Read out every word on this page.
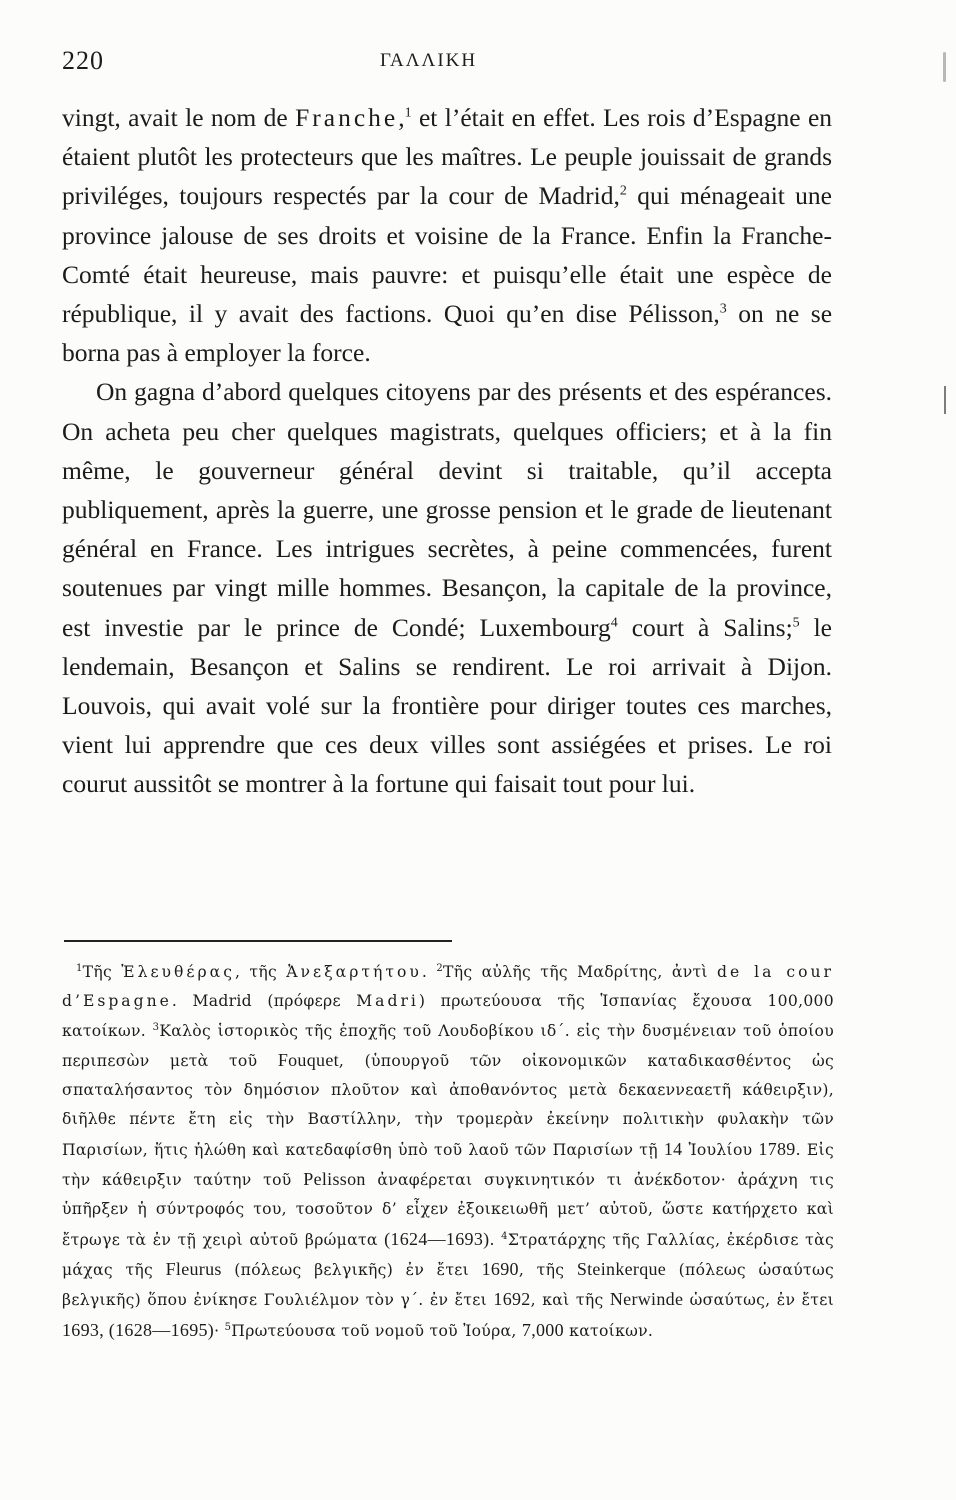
220	ΓΑΛΛΙΚΗ

vingt, avait le nom de Franche,$^1$ et l’était en effet. Les rois d’Espagne en étaient plutôt les protecteurs que les maîtres. Le peuple jouissait de grands priviléges, toujours respectés par la cour de Madrid,$^2$ qui ménageait une province jalouse de ses droits et voisine de la France. Enfin la Franche-Comté était heureuse, mais pauvre: et puisqu’elle était une espèce de république, il y avait des factions. Quoi qu’en dise Pélisson,$^3$ on ne se borna pas à employer la force.

On gagna d’abord quelques citoyens par des présents et des espérances. On acheta peu cher quelques magistrats, quelques officiers; et à la fin même, le gouverneur général devint si traitable, qu’il accepta publiquement, après la guerre, une grosse pension et le grade de lieutenant général en France. Les intrigues secrètes, à peine commencées, furent soutenues par vingt mille hommes. Besançon, la capitale de la province, est investie par le prince de Condé; Luxembourg$^4$ court à Salins;$^5$ le lendemain, Besançon et Salins se rendirent. Le roi arrivait à Dijon. Louvois, qui avait volé sur la frontière pour diriger toutes ces marches, vient lui apprendre que ces deux villes sont assiégées et prises. Le roi courut aussitôt se montrer à la fortune qui faisait tout pour lui.

$^1$Τῆς Ἐλευθέρας, τῆς Ἀνεξαρτήτου. $^2$Τῆς αὐλῆς τῆς Μαδρίτης, ἀντὶ de la cour d’Espagne. Madrid (πρόφερε Madri) πρωτεύουσα τῆς Ἱσπανίας ἔχουσα 100,000 κατοίκων. $^3$Καλὸς ἱστορικὸς τῆς ἐποχῆς τοῦ Λουδοβίκου ιδ΄. εἰς τὴν δυσμένειαν τοῦ ὁποίου περιπεσὼν μετὰ τοῦ Fouquet, (ὑπουργοῦ τῶν οἰκονομικῶν καταδικασθέντος ὡς σπαταλήσαντος τὸν δημόσιον πλοῦτον καὶ ἀποθανόντος μετὰ δεκαεννεαετῆ κάθειρξιν), διῆλθε πέντε ἔτη εἰς τὴν Βαστίλλην, τὴν τρομερὰν ἐκείνην πολιτικὴν φυλακὴν τῶν Παρισίων, ἥτις ἡλώθη καὶ κατεδαφίσθη ὑπὸ τοῦ λαοῦ τῶν Παρισίων τῇ 14 Ἰουλίου 1789. Εἰς τὴν κάθειρξιν ταύτην τοῦ Pelisson ἀναφέρεται συγκινητικόν τι ἀνέκδοτον· ἀράχνη τις ὑπῆρξεν ἡ σύντροφός του, τοσοῦτον δ’ εἶχεν ἐξοικειωθῆ μετ’ αὐτοῦ, ὥστε κατήρχετο καὶ ἔτρωγε τὰ ἐν τῇ χειρὶ αὐτοῦ βρώματα (1624—1693). $^4$Στρατάρχης τῆς Γαλλίας, ἐκέρδισε τὰς μάχας τῆς Fleurus (πόλεως βελγικῆς) ἐν ἔτει 1690, τῆς Steinkerque (πόλεως ὡσαύτως βελγικῆς) ὅπου ἐνίκησε Γουλιέλμον τὸν γ΄. ἐν ἔτει 1692, καὶ τῆς Nerwinde ὡσαύτως, ἐν ἔτει 1693, (1628—1695)· $^5$Πρωτεύουσα τοῦ νομοῦ τοῦ Ἰούρα, 7,000 κατοίκων.
